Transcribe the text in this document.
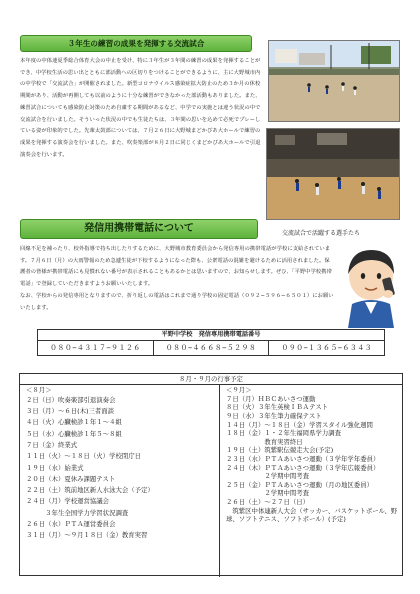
３年生の練習の成果を発揮する交流試合
本年度の中体連夏季総合体育大会の中止を受け、特に３年生が３年間の練習の成果を発揮することができ、中学校生活の思い出とともに部活動への区切りをつけることができるように、主に大野城市内の中学校で「交流試合」が開催されました。新型コロナウイルス感染症拡大防止のため３か月の休校期間があり、活動が再開しても以前のように十分な練習ができなかった部活動もありました。また、練習試合についても感染防止対策のため自粛する期間があるなど、中学での実施とは違う状況の中で交流試合を行いました。そういった状況の中でも生徒たちは、３年間の思いを込めて必死でプレーしている姿が印象的でした。先輩太鼓部については、７月２６日に大野城まどかぴあ大ホールで練習の成果を発揮する演奏会を行いました。また、吹奏楽部が８月２日に同じくまどかぴあ大ホールで引退演奏会を行います。
交流試合で活躍する選手たち
発信用携帯電話について
回線不足を補ったり、校外指導で持ち出したりするために、大野城市教育委員会から発信専用の携帯電話が学校に支給されています。７月６日（月）の大雨警報のため急遽生徒が下校するようになった際も、公衆電話の混雑を避けるために活用されました。保護者の皆様が携帯電話にも見慣れない番号が表示されることもあるかとは思いますので、お知らせします。ぜひ、「平野中学校携帯電話」で登録していただきますようお願いいたします。
なお、学校からの発信専用となりますので、折り返しの電話はこれまで通り学校の固定電話（０９２−５９６−６５０１）にお願いいたします。
平野中学校　発信専用携帯電話番号
０８０−４３１７−９１２６	０８０−４６６８−５２９８	０９０−１３６５−６３４３
８月・９月の行事予定
＜８月＞
２日（日）吹奏楽部引退演奏会
３日（月）〜６日(木)三者面談
４日（火）心臓検診１年１〜４組
５日（水）心臓検診１年５〜８組
７日（金）終業式
１１日（火）〜１８日（火）学校閉庁日
１９日（水）始業式
２０日（木）夏休み課題テスト
２２日（土）筑前地区新人水泳大会（予定）
２４日（月）学校運営協議会
　　　３年生全国学力学習状況調査
２６日（水）ＰＴＡ運営委員会
３１日（月）〜９月１８日（金）教育実習
＜９月＞
７日（月）ＨＢＣあいさつ運動
８日（火）３年生英検ＩＢＡテスト
９日（水）３年生筆力確保テスト
１４日（月）〜１８日（金）学習スタイル強化週間
１８日（金）１・２年生福岡県学力調査
　　　　　　教育実習終日
１９日（土）筑紫駅伝競走大会(予定)
２３日（水）ＰＴＡあいさつ運動（３学年学年委員）
２４日（木）ＰＴＡあいさつ運動（３学年広報委員）
　　　　　　２学期中間考査
２５日（金）ＰＴＡあいさつ運動（月の地区委員）
　　　　　　２学期中間考査
２６日（土）〜２７日（日）
　筑紫区中体連新人大会（サッカー、バスケットボール、野球、ソフトテニス、ソフトボール）(予定)
